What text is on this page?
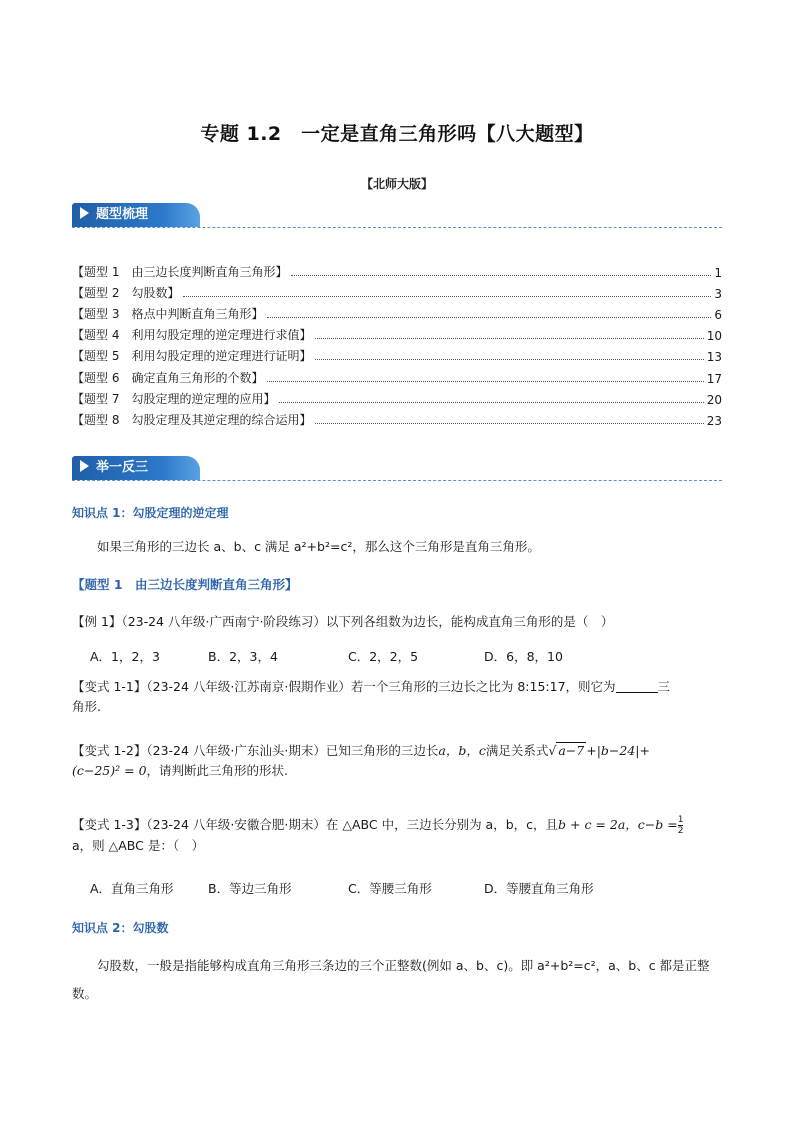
专题 1.2　一定是直角三角形吗【八大题型】
【北师大版】
题型梳理
【题型 1　由三边长度判断直角三角形】	1
【题型 2　勾股数】	3
【题型 3　格点中判断直角三角形】	6
【题型 4　利用勾股定理的逆定理进行求值】	10
【题型 5　利用勾股定理的逆定理进行证明】	13
【题型 6　确定直角三角形的个数】	17
【题型 7　勾股定理的逆定理的应用】	20
【题型 8　勾股定理及其逆定理的综合运用】	23
举一反三
知识点 1：勾股定理的逆定理
如果三角形的三边长 a、b、c 满足 a²+b²=c²，那么这个三角形是直角三角形。
【题型 1　由三边长度判断直角三角形】
【例 1】（23-24 八年级·广西南宁·阶段练习）以下列各组数为边长，能构成直角三角形的是（　）
A．1，2，3	B．2，3，4	C．2，2，5	D．6，8，10
【变式 1-1】（23-24 八年级·江苏南京·假期作业）若一个三角形的三边长之比为 8:15:17，则它为	三
角形.
【变式 1-2】（23-24 八年级·广东汕头·期末）已知三角形的三边长a，b，c满足关系式√ a−7 +|b−24|+
(c−25)² = 0，请判断此三角形的形状.
【变式 1-3】（23-24 八年级·安徽合肥·期末）在 △ABC 中，三边长分别为 a，b，c，且b + c = 2a，$c-b = \frac{1}{2}$

a，则 △ABC 是：（　）
A．直角三角形	B．等边三角形	C．等腰三角形	D．等腰直角三角形
知识点 2：勾股数
勾股数，一般是指能够构成直角三角形三条边的三个正整数(例如 a、b、c)。即 a²+b²=c²，a、b、c 都是正整数。
